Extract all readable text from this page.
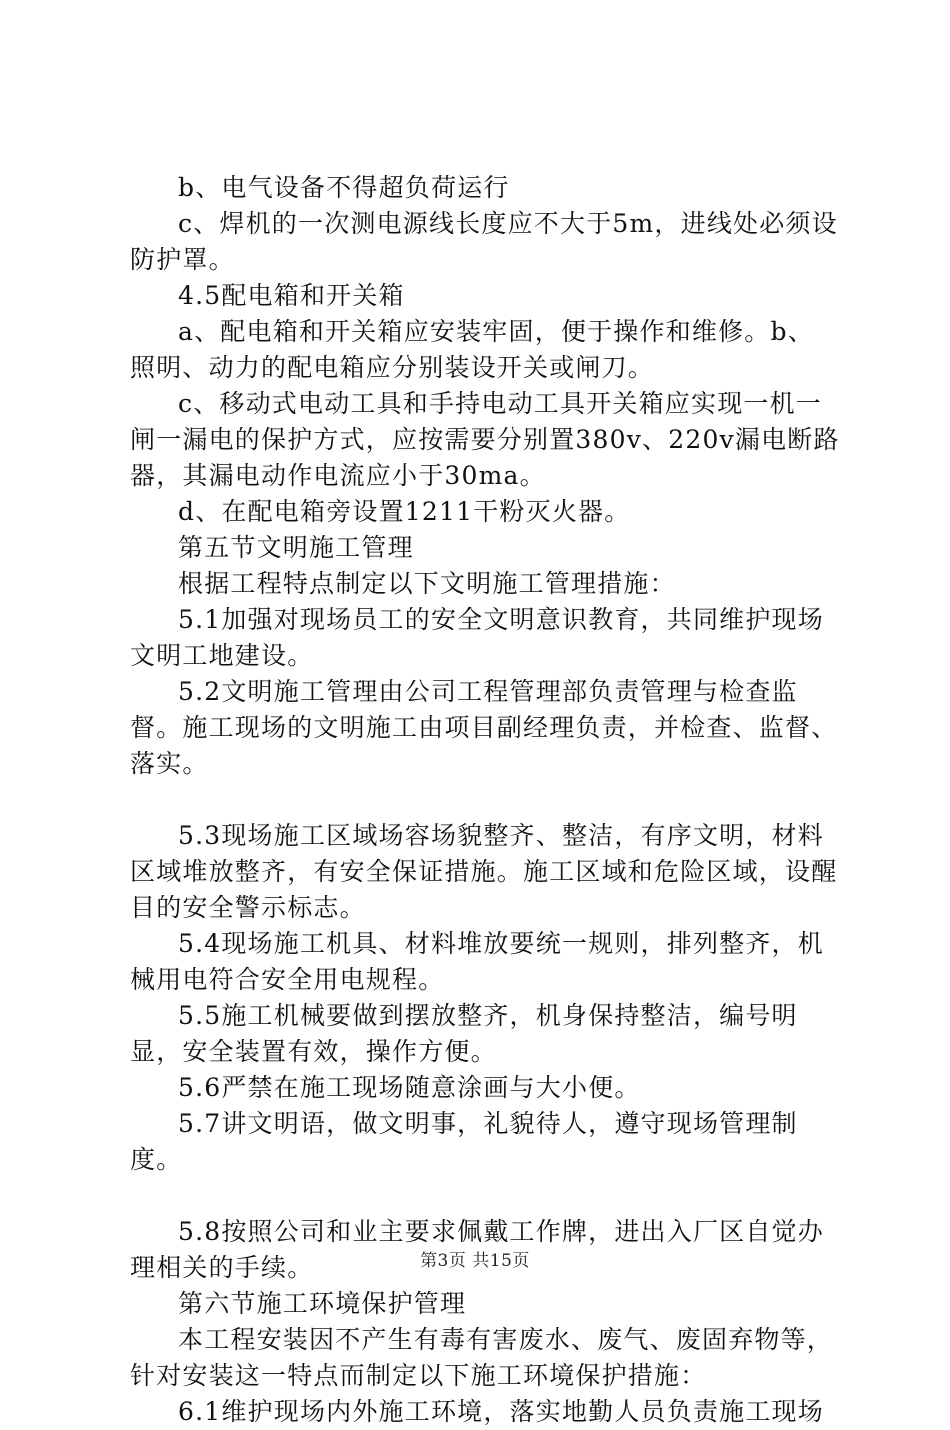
b、电气设备不得超负荷运行

c、焊机的一次测电源线长度应不大于5m，进线处必须设防护罩。

4.5配电箱和开关箱

a、配电箱和开关箱应安装牢固，便于操作和维修。b、照明、动力的配电箱应分别装设开关或闸刀。

c、移动式电动工具和手持电动工具开关箱应实现一机一闸一漏电的保护方式，应按需要分别置380v、220v漏电断路器，其漏电动作电流应小于30ma。

d、在配电箱旁设置1211干粉灭火器。

第五节文明施工管理

根据工程特点制定以下文明施工管理措施：

5.1加强对现场员工的安全文明意识教育，共同维护现场文明工地建设。

5.2文明施工管理由公司工程管理部负责管理与检查监督。施工现场的文明施工由项目副经理负责，并检查、监督、落实。

5.3现场施工区域场容场貌整齐、整洁，有序文明，材料区域堆放整齐，有安全保证措施。施工区域和危险区域，设醒目的安全警示标志。

5.4现场施工机具、材料堆放要统一规则，排列整齐，机械用电符合安全用电规程。

5.5施工机械要做到摆放整齐，机身保持整洁，编号明显，安全装置有效，操作方便。

5.6严禁在施工现场随意涂画与大小便。

5.7讲文明语，做文明事，礼貌待人，遵守现场管理制度。

5.8按照公司和业主要求佩戴工作牌，进出入厂区自觉办理相关的手续。

第六节施工环境保护管理

本工程安装因不产生有毒有害废水、废气、废固弃物等，针对安装这一特点而制定以下施工环境保护措施：

6.1维护现场内外施工环境，落实地勤人员负责施工现场

第3页 共15页
